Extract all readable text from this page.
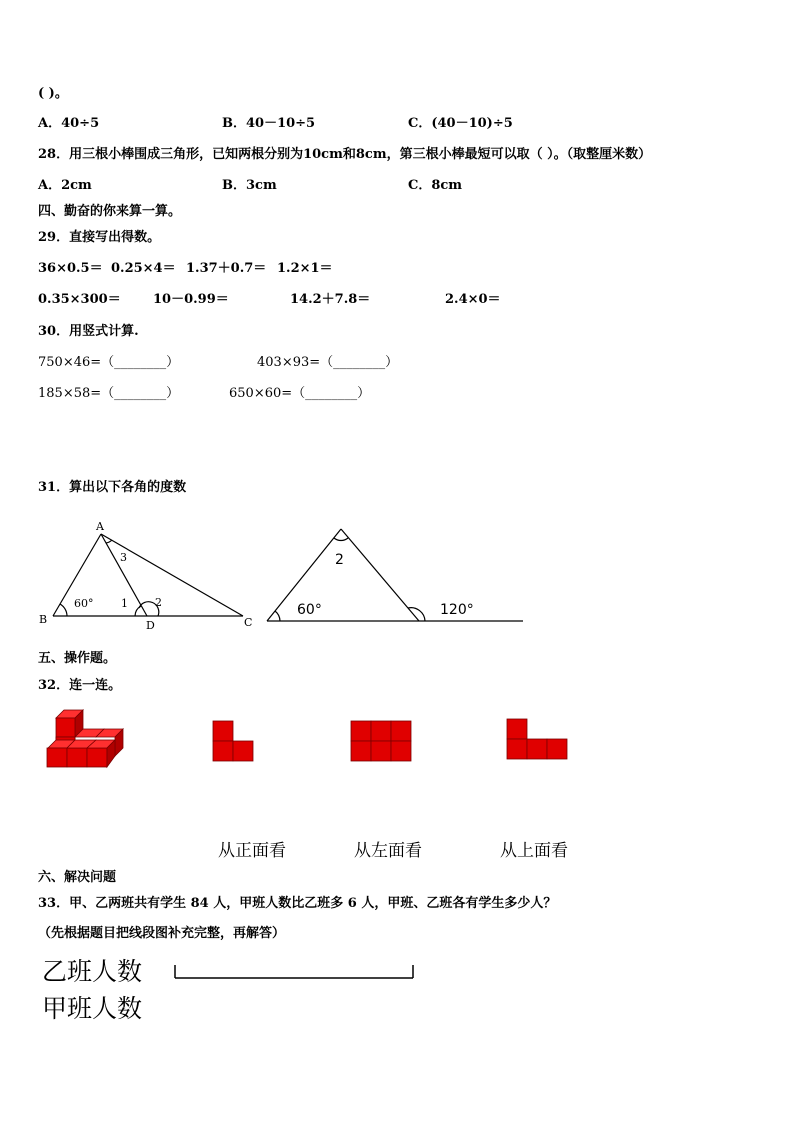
( )。
A．40÷5	B．40－10÷5	C．(40－10)÷5
28．用三根小棒围成三角形，已知两根分别为10cm和8cm，第三根小棒最短可以取（ ）。（取整厘米数）
A．2cm	B．3cm	C．8cm
四、勤奋的你来算一算。
29．直接写出得数。
36×0.5＝ 0.25×4＝ 1.37＋0.7＝ 1.2×1＝
0.35×300＝ 10－0.99＝	14.2＋7.8＝	2.4×0＝
30．用竖式计算.
750×46=（________）	403×93=（________）
185×58=（________）	650×60=（________）
31．算出以下各角的度数
A
B	C
D
60°	1 2
3
60°
2
120°
五、操作题。
32．连一连。
从正面看	从左面看	从上面看
六、解决问题
33．甲、乙两班共有学生 84 人，甲班人数比乙班多 6 人，甲班、乙班各有学生多少人？
（先根据题目把线段图补充完整，再解答）
乙班人数
甲班人数
